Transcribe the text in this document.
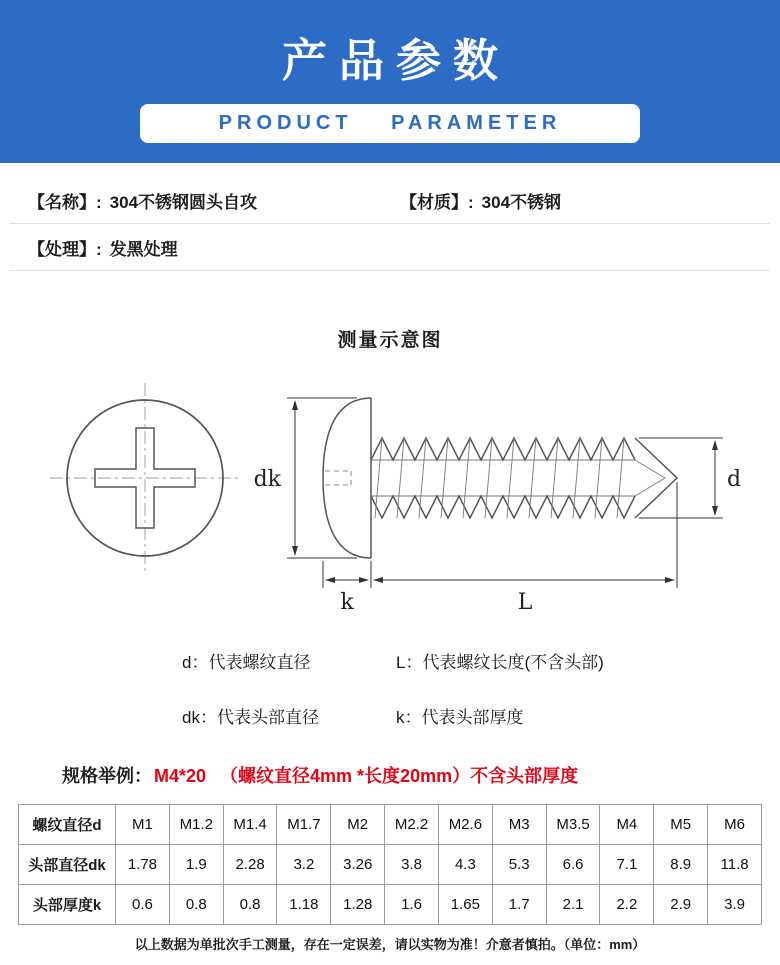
产品参数
PRODUCT PARAMETER
【名称】: 304不锈钢圆头自攻	【材质】: 304不锈钢
【处理】: 发黑处理
测量示意图
dk
k	L
d
d：代表螺纹直径	L：代表螺纹长度(不含头部)
dk：代表头部直径	k：代表头部厚度
规格举例： M4*20 （螺纹直径4mm *长度20mm）不含头部厚度
螺纹直径d	M1	M1.2	M1.4	M1.7	M2	M2.2	M2.6	M3	M3.5	M4	M5	M6
头部直径dk	1.78	1.9	2.28	3.2	3.26	3.8	4.3	5.3	6.6	7.1	8.9	11.8
头部厚度k	0.6	0.8	0.8	1.18	1.28	1.6	1.65	1.7	2.1	2.2	2.9	3.9
以上数据为单批次手工测量，存在一定误差，请以实物为准！介意者慎拍。（单位：mm）
